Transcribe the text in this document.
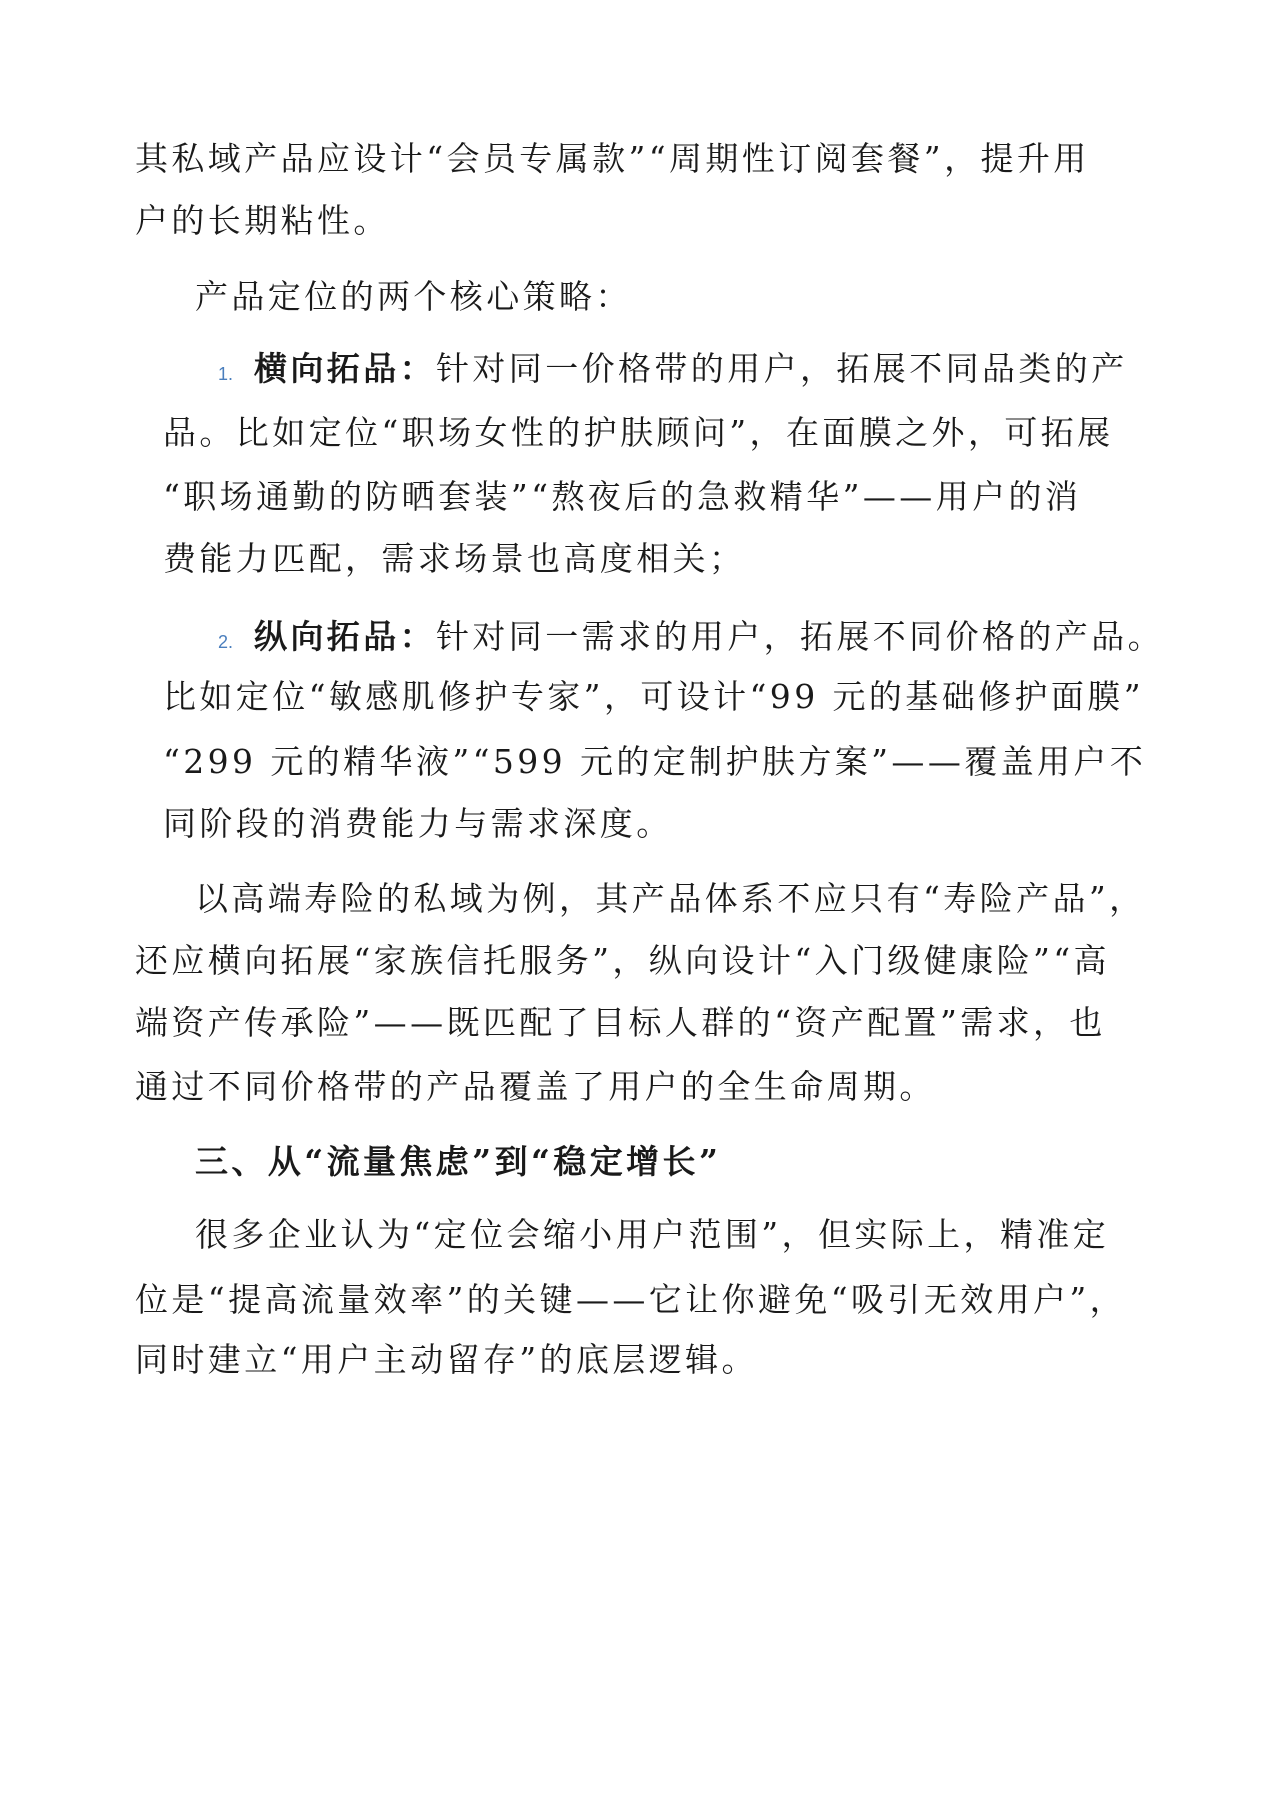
其私域产品应设计“会员专属款”“周期性订阅套餐”，提升用
户的长期粘性。
产品定位的两个核心策略：
1. 横向拓品：针对同一价格带的用户，拓展不同品类的产
品。比如定位“职场女性的护肤顾问”，在面膜之外，可拓展
“职场通勤的防晒套装”“熬夜后的急救精华”——用户的消
费能力匹配，需求场景也高度相关；
2. 纵向拓品：针对同一需求的用户，拓展不同价格的产品。
比如定位“敏感肌修护专家”，可设计“99 元的基础修护面膜”
“299 元的精华液”“599 元的定制护肤方案”——覆盖用户不
同阶段的消费能力与需求深度。
以高端寿险的私域为例，其产品体系不应只有“寿险产品”，
还应横向拓展“家族信托服务”，纵向设计“入门级健康险”“高
端资产传承险”——既匹配了目标人群的“资产配置”需求，也
通过不同价格带的产品覆盖了用户的全生命周期。
三、从“流量焦虑”到“稳定增长”
很多企业认为“定位会缩小用户范围”，但实际上，精准定
位是“提高流量效率”的关键——它让你避免“吸引无效用户”，
同时建立“用户主动留存”的底层逻辑。
